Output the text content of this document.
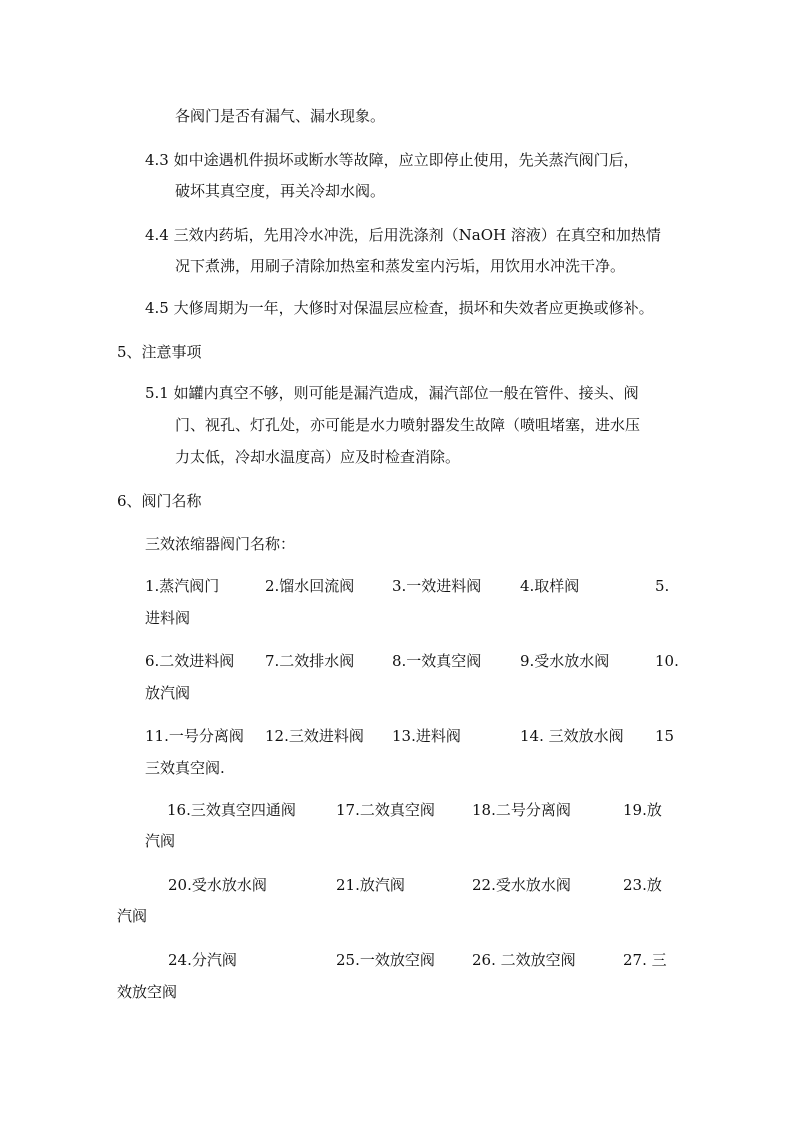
各阀门是否有漏气、漏水现象。
4.3 如中途遇机件损坏或断水等故障，应立即停止使用，先关蒸汽阀门后，
破坏其真空度，再关冷却水阀。
4.4 三效内药垢，先用冷水冲洗，后用洗涤剂（NaOH 溶液）在真空和加热情
况下煮沸，用刷子清除加热室和蒸发室内污垢，用饮用水冲洗干净。
4.5 大修周期为一年，大修时对保温层应检查，损坏和失效者应更换或修补。
5、注意事项
5.1 如罐内真空不够，则可能是漏汽造成，漏汽部位一般在管件、接头、阀
门、视孔、灯孔处，亦可能是水力喷射器发生故障（喷咀堵塞，进水压
力太低，冷却水温度高）应及时检查消除。
6、阀门名称
三效浓缩器阀门名称：
1.蒸汽阀门	2.馏水回流阀	3.一效进料阀	4.取样阀	5.
进料阀
6.二效进料阀 7.二效排水阀	8.一效真空阀	9.受水放水阀	10.
放汽阀
11.一号分离阀 12.三效进料阀 13.进料阀	14. 三效放水阀 15
三效真空阀.
16.三效真空四通阀	17.二效真空阀 18.二号分离阀	19.放
汽阀
20.受水放水阀	21.放汽阀	22.受水放水阀	23.放
汽阀
24.分汽阀	25.一效放空阀 26. 二效放空阀	27. 三
效放空阀
